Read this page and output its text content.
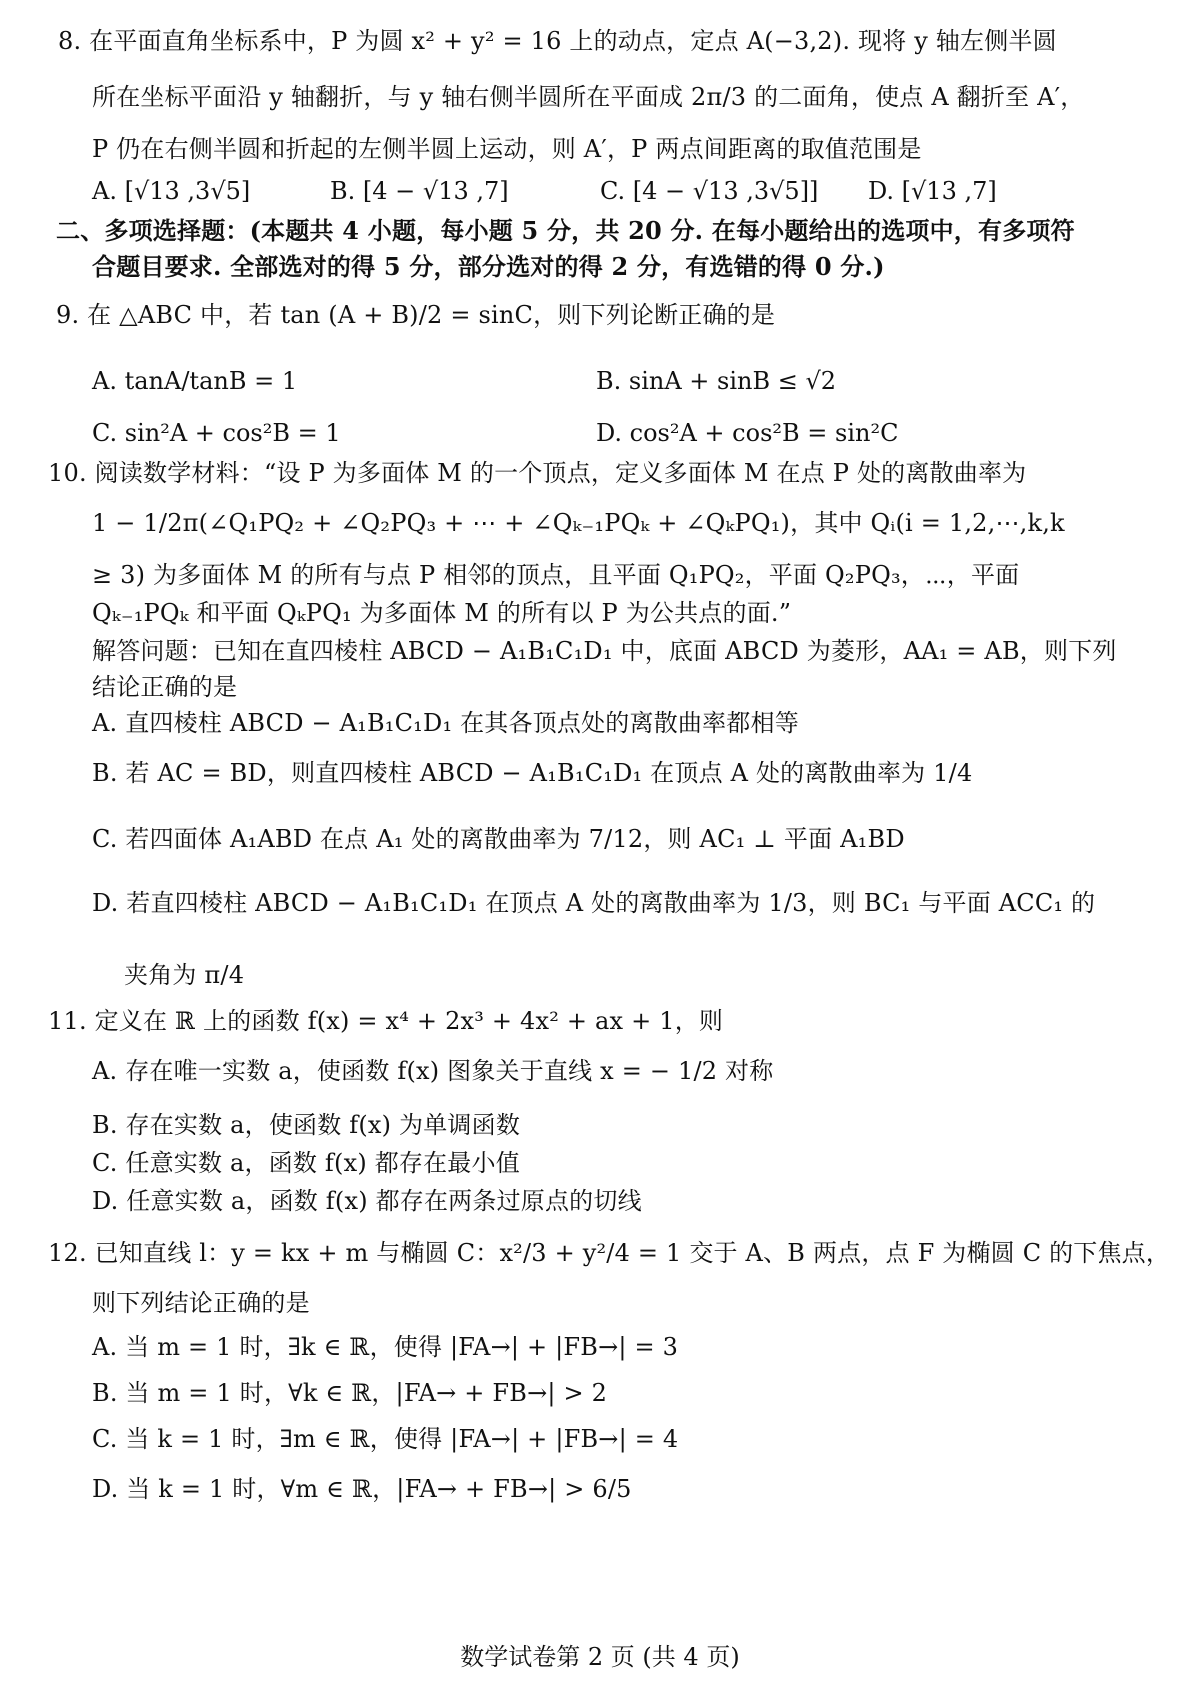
8. 在平面直角坐标系中，P 为圆 x² + y² = 16 上的动点，定点 A(−3,2). 现将 y 轴左侧半圆
所在坐标平面沿 y 轴翻折，与 y 轴右侧半圆所在平面成 2π/3 的二面角，使点 A 翻折至 A′，
P 仍在右侧半圆和折起的左侧半圆上运动，则 A′，P 两点间距离的取值范围是
A. [√13 ,3√5]	B. [4 − √13 ,7]	C. [4 − √13 ,3√5]] D. [√13 ,7]
二、多项选择题：(本题共 4 小题，每小题 5 分，共 20 分. 在每小题给出的选项中，有多项符
合题目要求. 全部选对的得 5 分，部分选对的得 2 分，有选错的得 0 分.)
9. 在 △ABC 中，若 tan (A + B)/2 = sinC，则下列论断正确的是
A. tanA/tanB = 1	B. sinA + sinB ≤ √2
C. sin²A + cos²B = 1	D. cos²A + cos²B = sin²C
10. 阅读数学材料：“设 P 为多面体 M 的一个顶点，定义多面体 M 在点 P 处的离散曲率为
1 − 1/2π(∠Q₁PQ₂ + ∠Q₂PQ₃ + ⋯ + ∠Qₖ₋₁PQₖ + ∠QₖPQ₁)，其中 Qᵢ(i = 1,2,⋯,k,k
≥ 3) 为多面体 M 的所有与点 P 相邻的顶点，且平面 Q₁PQ₂，平面 Q₂PQ₃，⋯，平面
Qₖ₋₁PQₖ 和平面 QₖPQ₁ 为多面体 M 的所有以 P 为公共点的面.”
解答问题：已知在直四棱柱 ABCD − A₁B₁C₁D₁ 中，底面 ABCD 为菱形，AA₁ = AB，则下列
结论正确的是
A. 直四棱柱 ABCD − A₁B₁C₁D₁ 在其各顶点处的离散曲率都相等
B. 若 AC = BD，则直四棱柱 ABCD − A₁B₁C₁D₁ 在顶点 A 处的离散曲率为 1/4
C. 若四面体 A₁ABD 在点 A₁ 处的离散曲率为 7/12，则 AC₁ ⊥ 平面 A₁BD
D. 若直四棱柱 ABCD − A₁B₁C₁D₁ 在顶点 A 处的离散曲率为 1/3，则 BC₁ 与平面 ACC₁ 的
夹角为 π/4
11. 定义在 ℝ 上的函数 f(x) = x⁴ + 2x³ + 4x² + ax + 1，则
A. 存在唯一实数 a，使函数 f(x) 图象关于直线 x = − 1/2 对称
B. 存在实数 a，使函数 f(x) 为单调函数
C. 任意实数 a，函数 f(x) 都存在最小值
D. 任意实数 a，函数 f(x) 都存在两条过原点的切线
12. 已知直线 l：y = kx + m 与椭圆 C：x²/3 + y²/4 = 1 交于 A、B 两点，点 F 为椭圆 C 的下焦点，
则下列结论正确的是
A. 当 m = 1 时，∃k ∈ ℝ，使得 |FA→| + |FB→| = 3
B. 当 m = 1 时，∀k ∈ ℝ，|FA→ + FB→| > 2
C. 当 k = 1 时，∃m ∈ ℝ，使得 |FA→| + |FB→| = 4
D. 当 k = 1 时，∀m ∈ ℝ，|FA→ + FB→| > 6/5
数学试卷第 2 页 (共 4 页)
